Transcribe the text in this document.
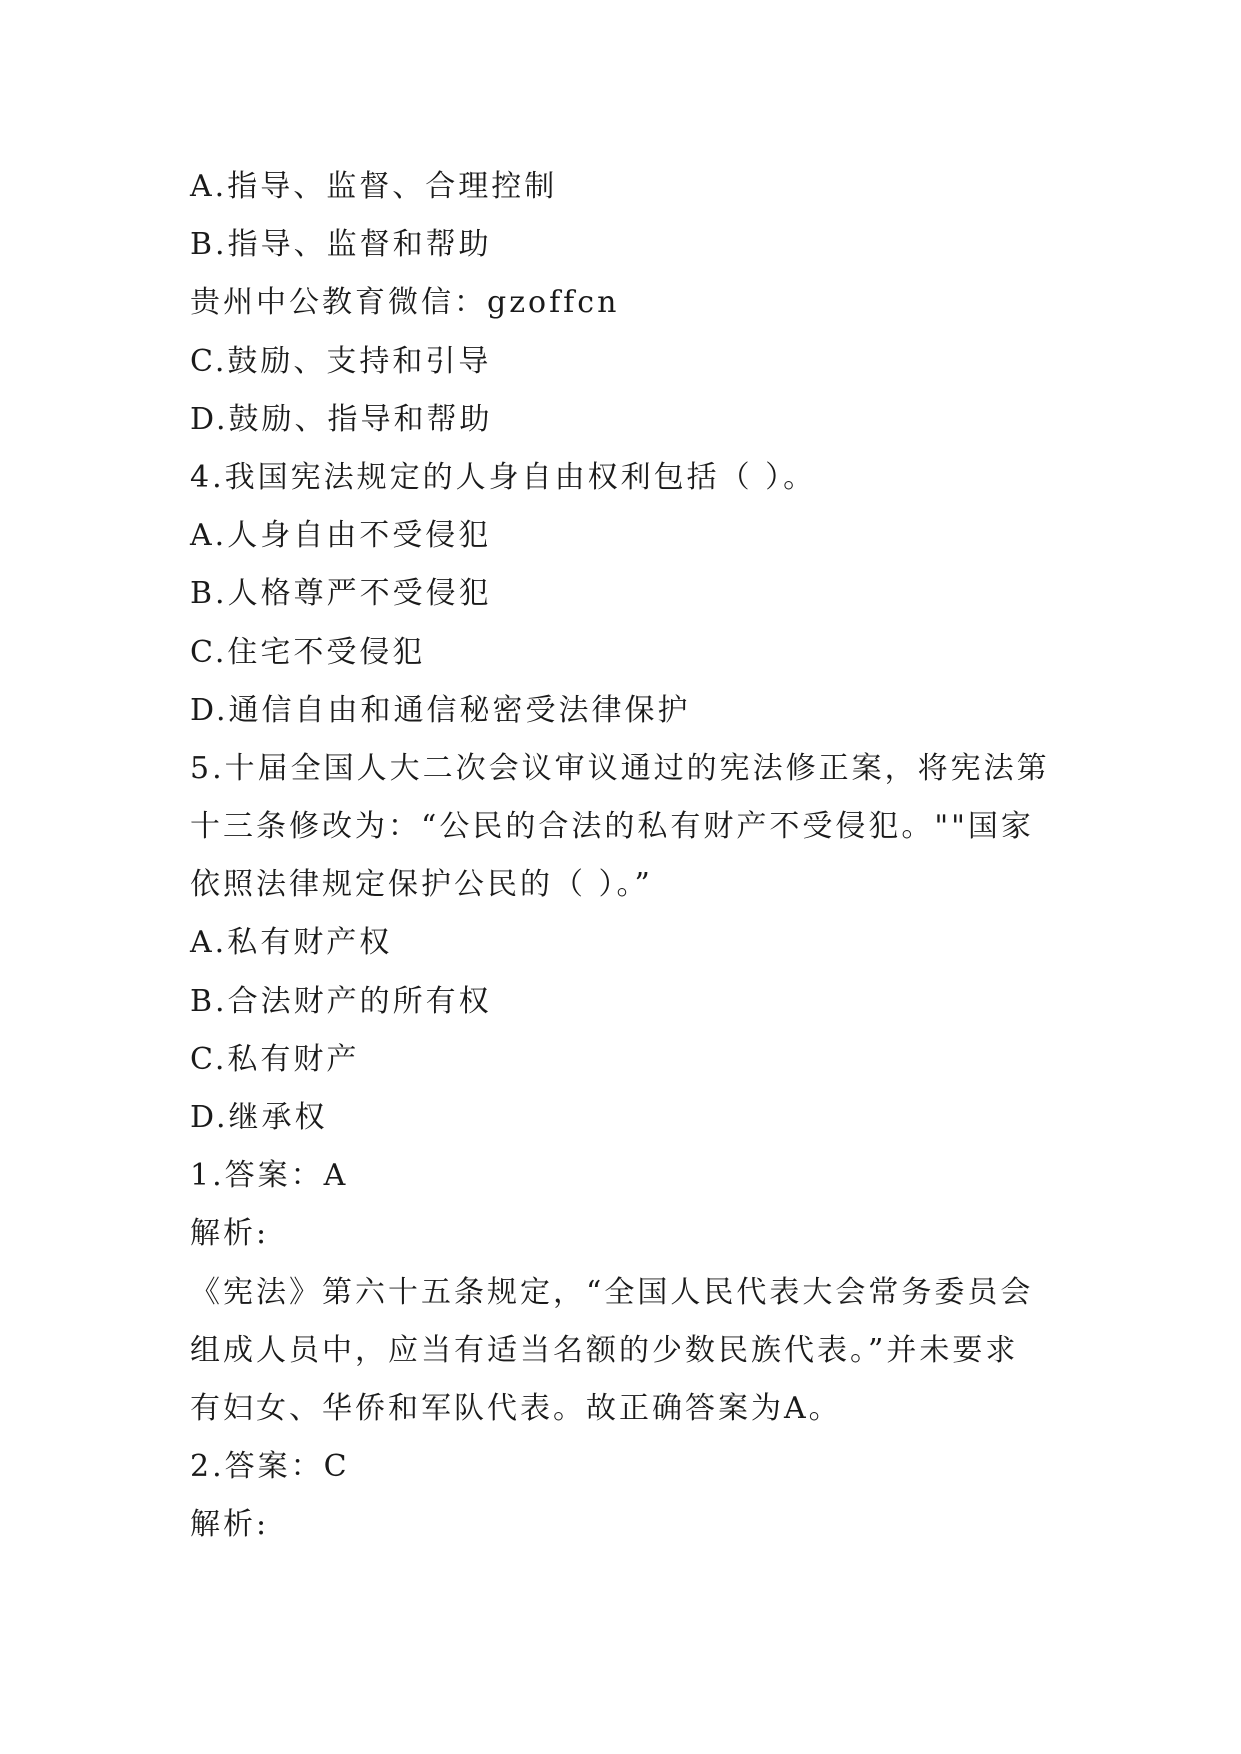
A.指导、监督、合理控制
B.指导、监督和帮助
贵州中公教育微信：gzoffcn
C.鼓励、支持和引导
D.鼓励、指导和帮助
4.我国宪法规定的人身自由权利包括（ ）。
A.人身自由不受侵犯
B.人格尊严不受侵犯
C.住宅不受侵犯
D.通信自由和通信秘密受法律保护
5.十届全国人大二次会议审议通过的宪法修正案，将宪法第
十三条修改为：“公民的合法的私有财产不受侵犯。""国家
依照法律规定保护公民的（ ）。”
A.私有财产权
B.合法财产的所有权
C.私有财产
D.继承权
1.答案：A
解析:
《宪法》第六十五条规定，“全国人民代表大会常务委员会
组成人员中，应当有适当名额的少数民族代表。”并未要求
有妇女、华侨和军队代表。故正确答案为A。
2.答案：C
解析:
